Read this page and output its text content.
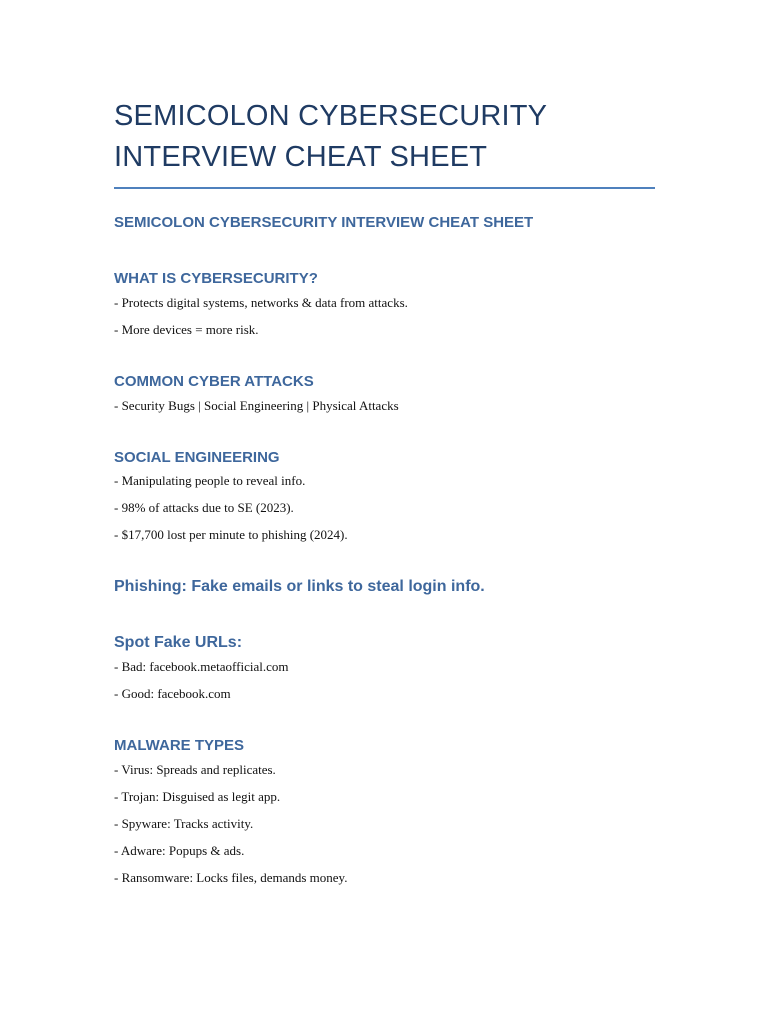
SEMICOLON CYBERSECURITY
INTERVIEW CHEAT SHEET

SEMICOLON CYBERSECURITY INTERVIEW CHEAT SHEET

WHAT IS CYBERSECURITY?

- Protects digital systems, networks & data from attacks.

- More devices = more risk.

COMMON CYBER ATTACKS

- Security Bugs | Social Engineering | Physical Attacks

SOCIAL ENGINEERING

- Manipulating people to reveal info.

- 98% of attacks due to SE (2023).

- $17,700 lost per minute to phishing (2024).

Phishing: Fake emails or links to steal login info.

Spot Fake URLs:

- Bad: facebook.metaofficial.com

- Good: facebook.com

MALWARE TYPES

- Virus: Spreads and replicates.

- Trojan: Disguised as legit app.

- Spyware: Tracks activity.

- Adware: Popups & ads.

- Ransomware: Locks files, demands money.
